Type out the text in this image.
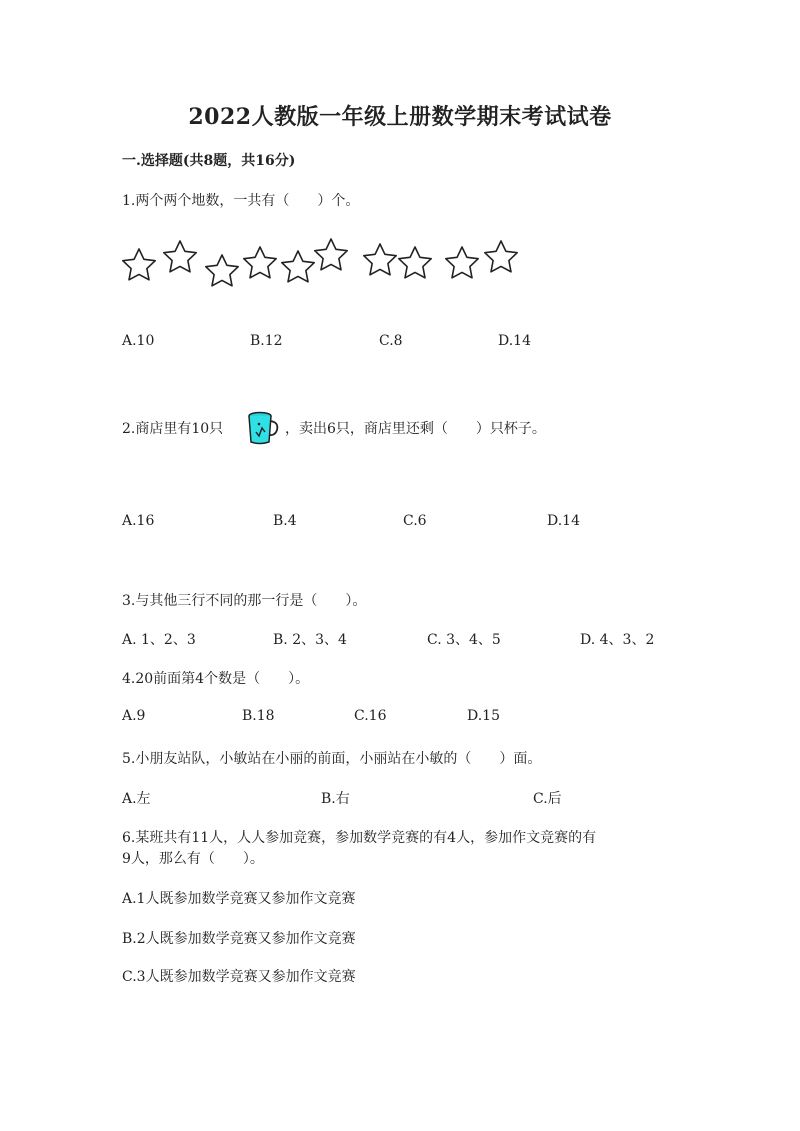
2022人教版一年级上册数学期末考试试卷
一.选择题(共8题，共16分)
1.两个两个地数，一共有（　　）个。
A.10	B.12	C.8	D.14
2.商店里有10只	，卖出6只，商店里还剩（　　）只杯子。
A.16	B.4	C.6	D.14
3.与其他三行不同的那一行是（　　）。
A. 1、2、3	B. 2、3、4	C. 3、4、5	D. 4、3、2
4.20前面第4个数是（　　）。
A.9	B.18	C.16	D.15
5.小朋友站队，小敏站在小丽的前面，小丽站在小敏的（　　）面。
A.左	B.右	C.后
6.某班共有11人，人人参加竞赛，参加数学竞赛的有4人，参加作文竞赛的有
9人，那么有（　　）。
A.1人既参加数学竞赛又参加作文竞赛
B.2人既参加数学竞赛又参加作文竞赛
C.3人既参加数学竞赛又参加作文竞赛
